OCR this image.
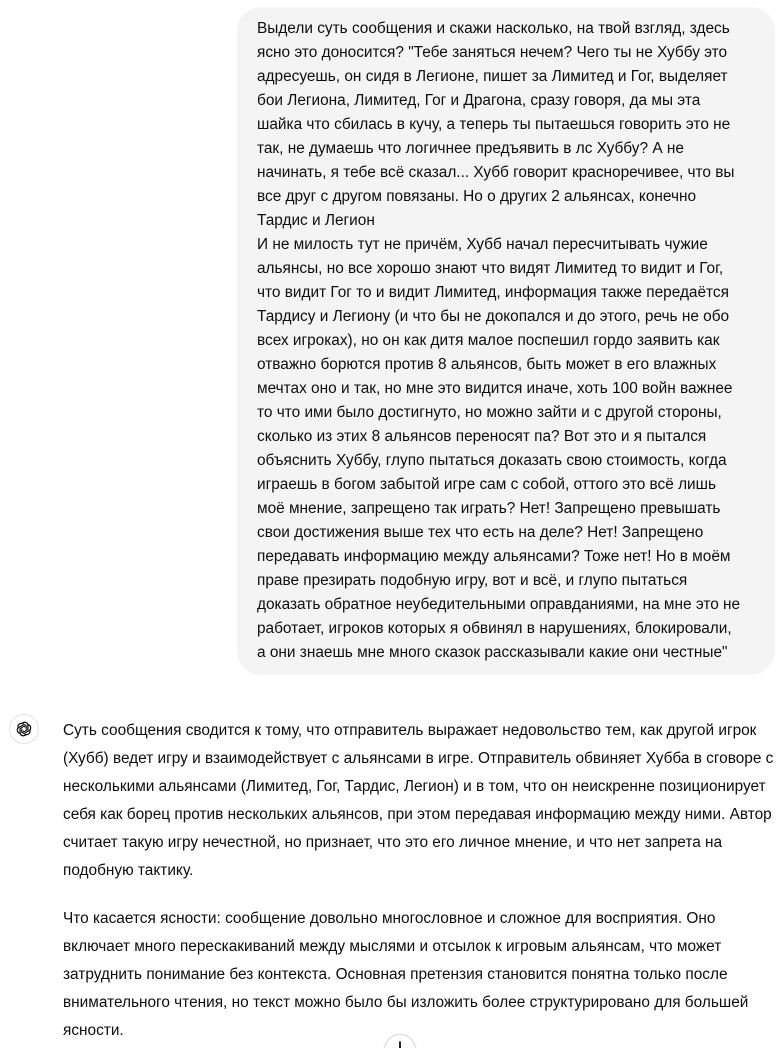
Выдели суть сообщения и скажи насколько, на твой взгляд, здесь
ясно это доносится? "Тебе заняться нечем? Чего ты не Хуббу это
адресуешь, он сидя в Легионе, пишет за Лимитед и Гог, выделяет
бои Легиона, Лимитед, Гог и Драгона, сразу говоря, да мы эта
шайка что сбилась в кучу, а теперь ты пытаешься говорить это не
так, не думаешь что логичнее предъявить в лс Хуббу? А не
начинать, я тебе всё сказал... Хубб говорит красноречивее, что вы
все друг с другом повязаны. Но о других 2 альянсах, конечно
Тардис и Легион
И не милость тут не причём, Хубб начал пересчитывать чужие
альянсы, но все хорошо знают что видят Лимитед то видит и Гог,
что видит Гог то и видит Лимитед, информация также передаётся
Тардису и Легиону (и что бы не докопался и до этого, речь не обо
всех игроках), но он как дитя малое поспешил гордо заявить как
отважно борются против 8 альянсов, быть может в его влажных
мечтах оно и так, но мне это видится иначе, хоть 100 войн важнее
то что ими было достигнуто, но можно зайти и с другой стороны,
сколько из этих 8 альянсов переносят па? Вот это и я пытался
объяснить Хуббу, глупо пытаться доказать свою стоимость, когда
играешь в богом забытой игре сам с собой, оттого это всё лишь
моё мнение, запрещено так играть? Нет! Запрещено превышать
свои достижения выше тех что есть на деле? Нет! Запрещено
передавать информацию между альянсами? Тоже нет! Но в моём
праве презирать подобную игру, вот и всё, и глупо пытаться
доказать обратное неубедительными оправданиями, на мне это не
работает, игроков которых я обвинял в нарушениях, блокировали,
а они знаешь мне много сказок рассказывали какие они честные"

Суть сообщения сводится к тому, что отправитель выражает недовольство тем, как другой игрок (Хубб) ведет игру и взаимодействует с альянсами в игре. Отправитель обвиняет Хубба в сговоре с несколькими альянсами (Лимитед, Гог, Тардис, Легион) и в том, что он неискренне позиционирует себя как борец против нескольких альянсов, при этом передавая информацию между ними. Автор считает такую игру нечестной, но признает, что это его личное мнение, и что нет запрета на подобную тактику.

Что касается ясности: сообщение довольно многословное и сложное для восприятия. Оно включает много перескакиваний между мыслями и отсылок к игровым альянсам, что может затруднить понимание без контекста. Основная претензия становится понятна только после внимательного чтения, но текст можно было бы изложить более структурировано для большей ясности.
